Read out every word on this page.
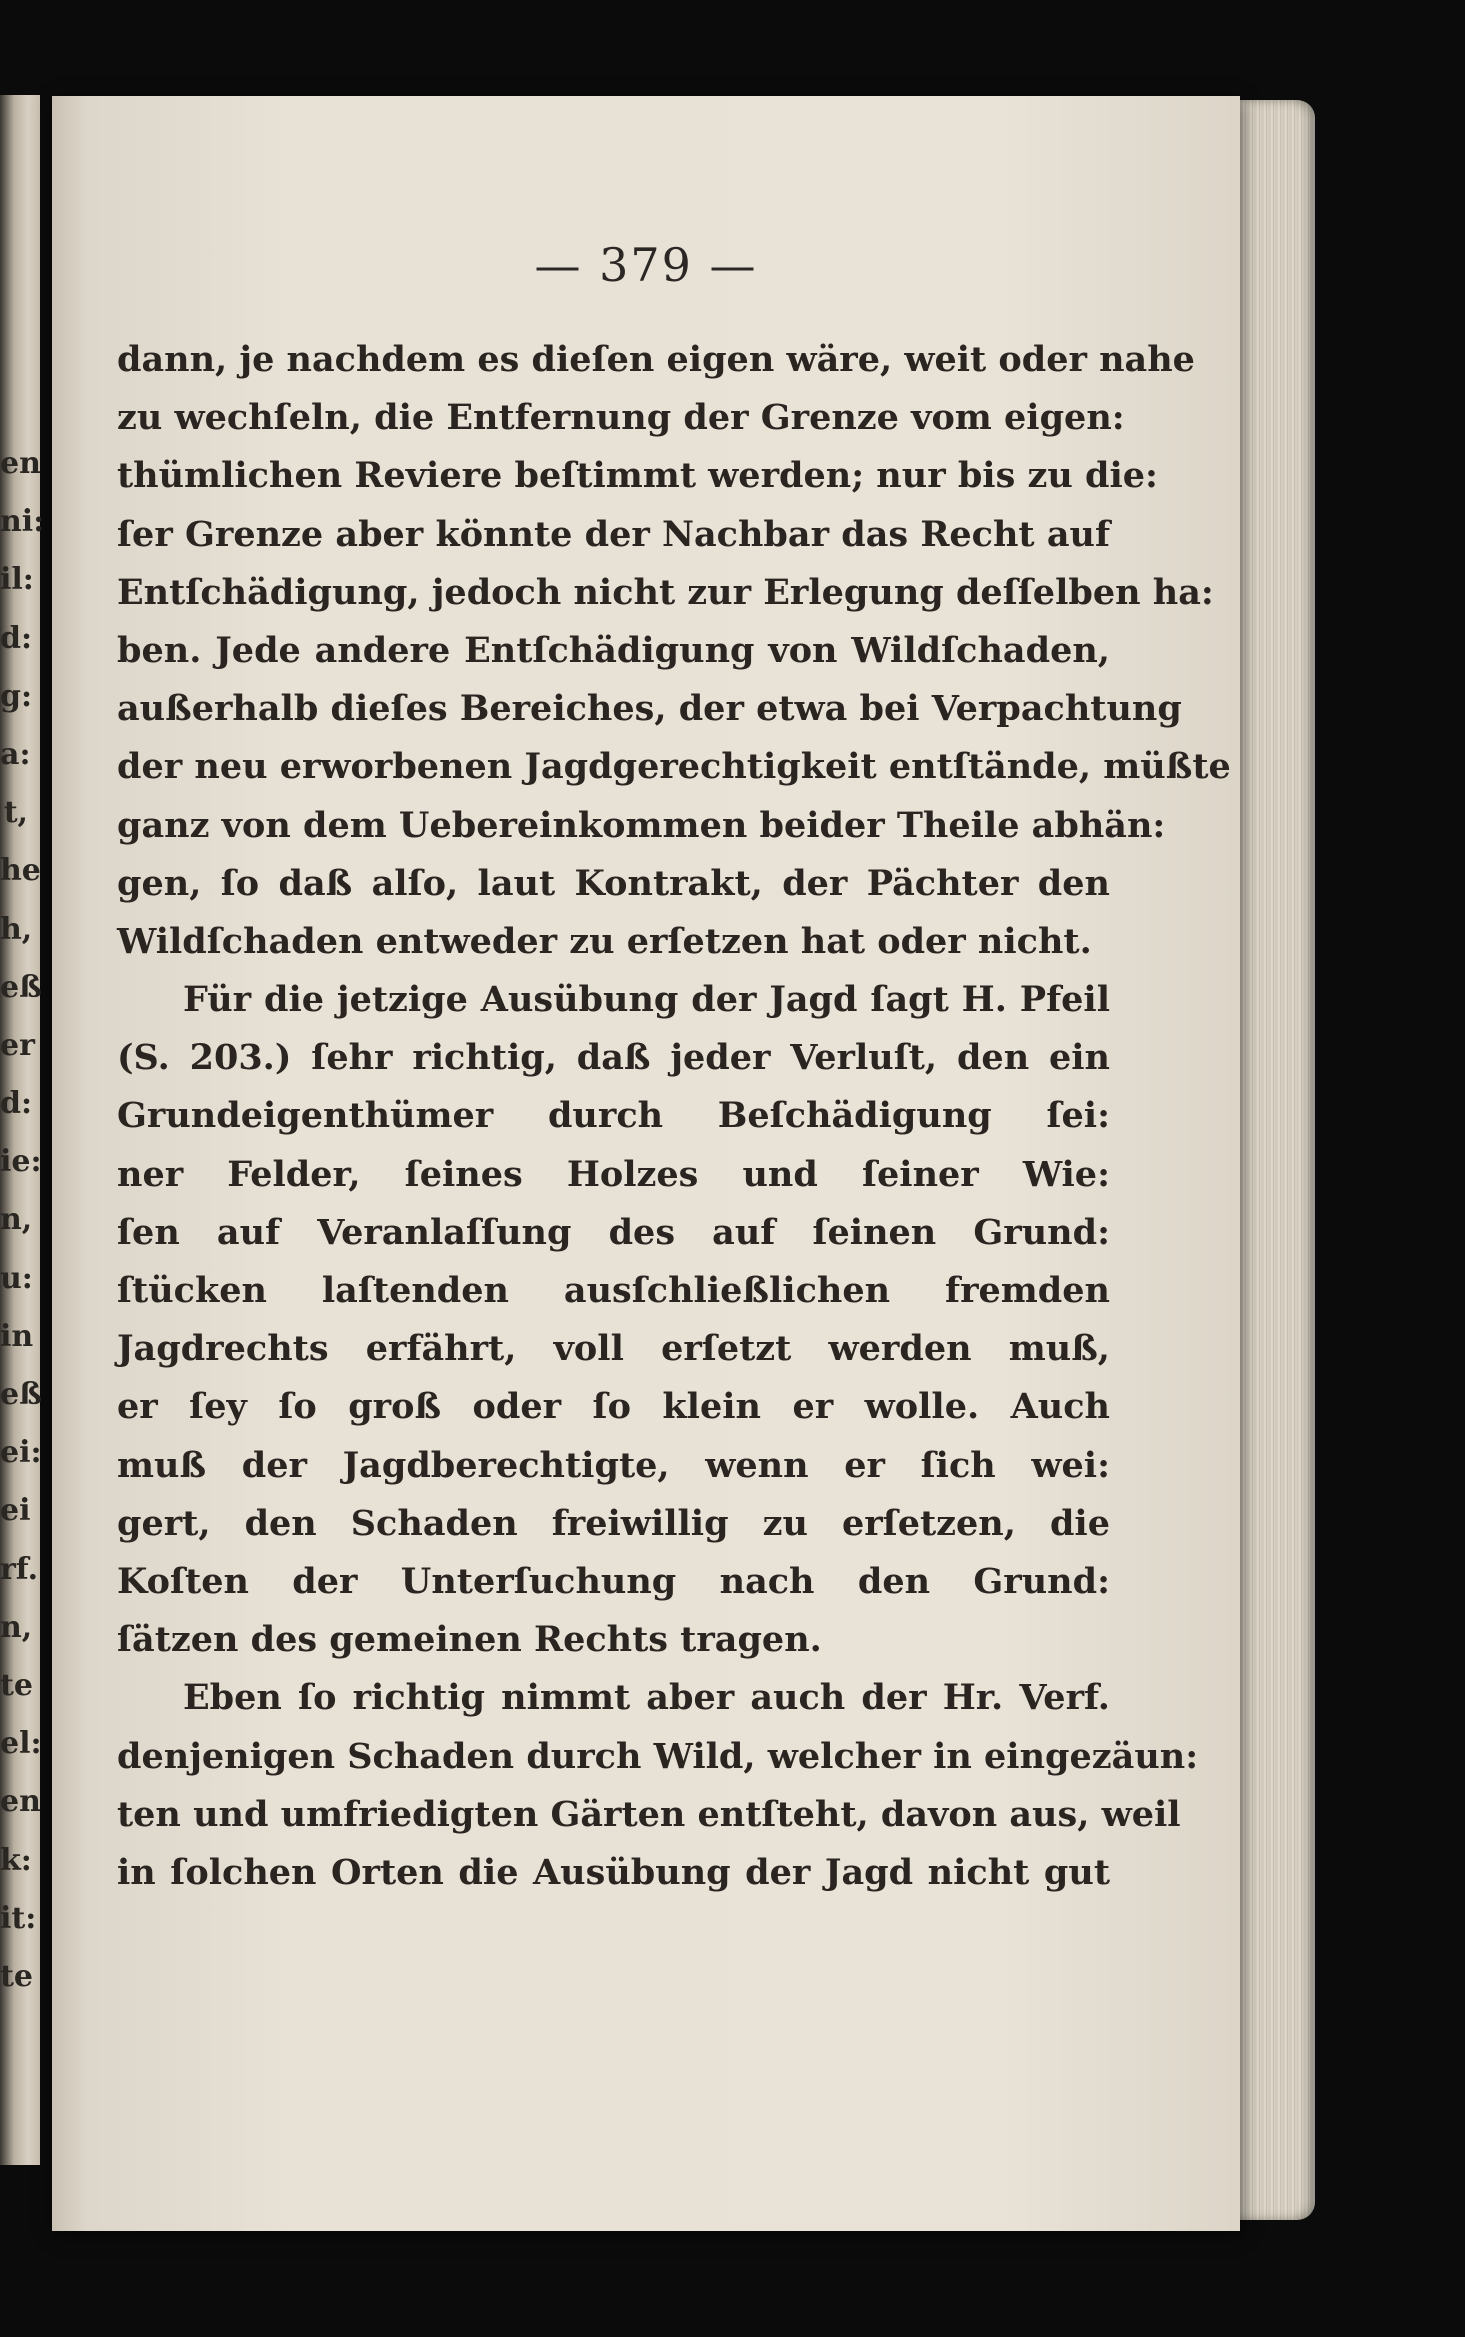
en
ni:
il:
d:
g:
a:
t,
he
h,
eß
er
d:
ie:
n,
u:
in
eß
ei:
ei
rf.
n,
te
el:
en
k:
it:
te
— 379 —
dann, je nachdem es dieſen eigen wäre, weit oder nahe
zu wechſeln, die Entfernung der Grenze vom eigen:
thümlichen Reviere beſtimmt werden; nur bis zu die:
ſer Grenze aber könnte der Nachbar das Recht auf
Entſchädigung, jedoch nicht zur Erlegung deſſelben ha:
ben. Jede andere Entſchädigung von Wildſchaden,
außerhalb dieſes Bereiches, der etwa bei Verpachtung
der neu erworbenen Jagdgerechtigkeit entſtände, müßte
ganz von dem Uebereinkommen beider Theile abhän:
gen, ſo daß alſo, laut Kontrakt, der Pächter den
Wildſchaden entweder zu erſetzen hat oder nicht.
Für die jetzige Ausübung der Jagd ſagt H. Pfeil
(S. 203.) ſehr richtig, daß jeder Verluſt, den ein
Grundeigenthümer durch Beſchädigung ſei:
ner Felder, ſeines Holzes und ſeiner Wie:
ſen auf Veranlaſſung des auf ſeinen Grund:
ſtücken laſtenden ausſchließlichen fremden
Jagdrechts erfährt, voll erſetzt werden muß,
er ſey ſo groß oder ſo klein er wolle. Auch
muß der Jagdberechtigte, wenn er ſich wei:
gert, den Schaden freiwillig zu erſetzen, die
Koſten der Unterſuchung nach den Grund:
ſätzen des gemeinen Rechts tragen.
Eben ſo richtig nimmt aber auch der Hr. Verf.
denjenigen Schaden durch Wild, welcher in eingezäun:
ten und umfriedigten Gärten entſteht, davon aus, weil
in ſolchen Orten die Ausübung der Jagd nicht gut
